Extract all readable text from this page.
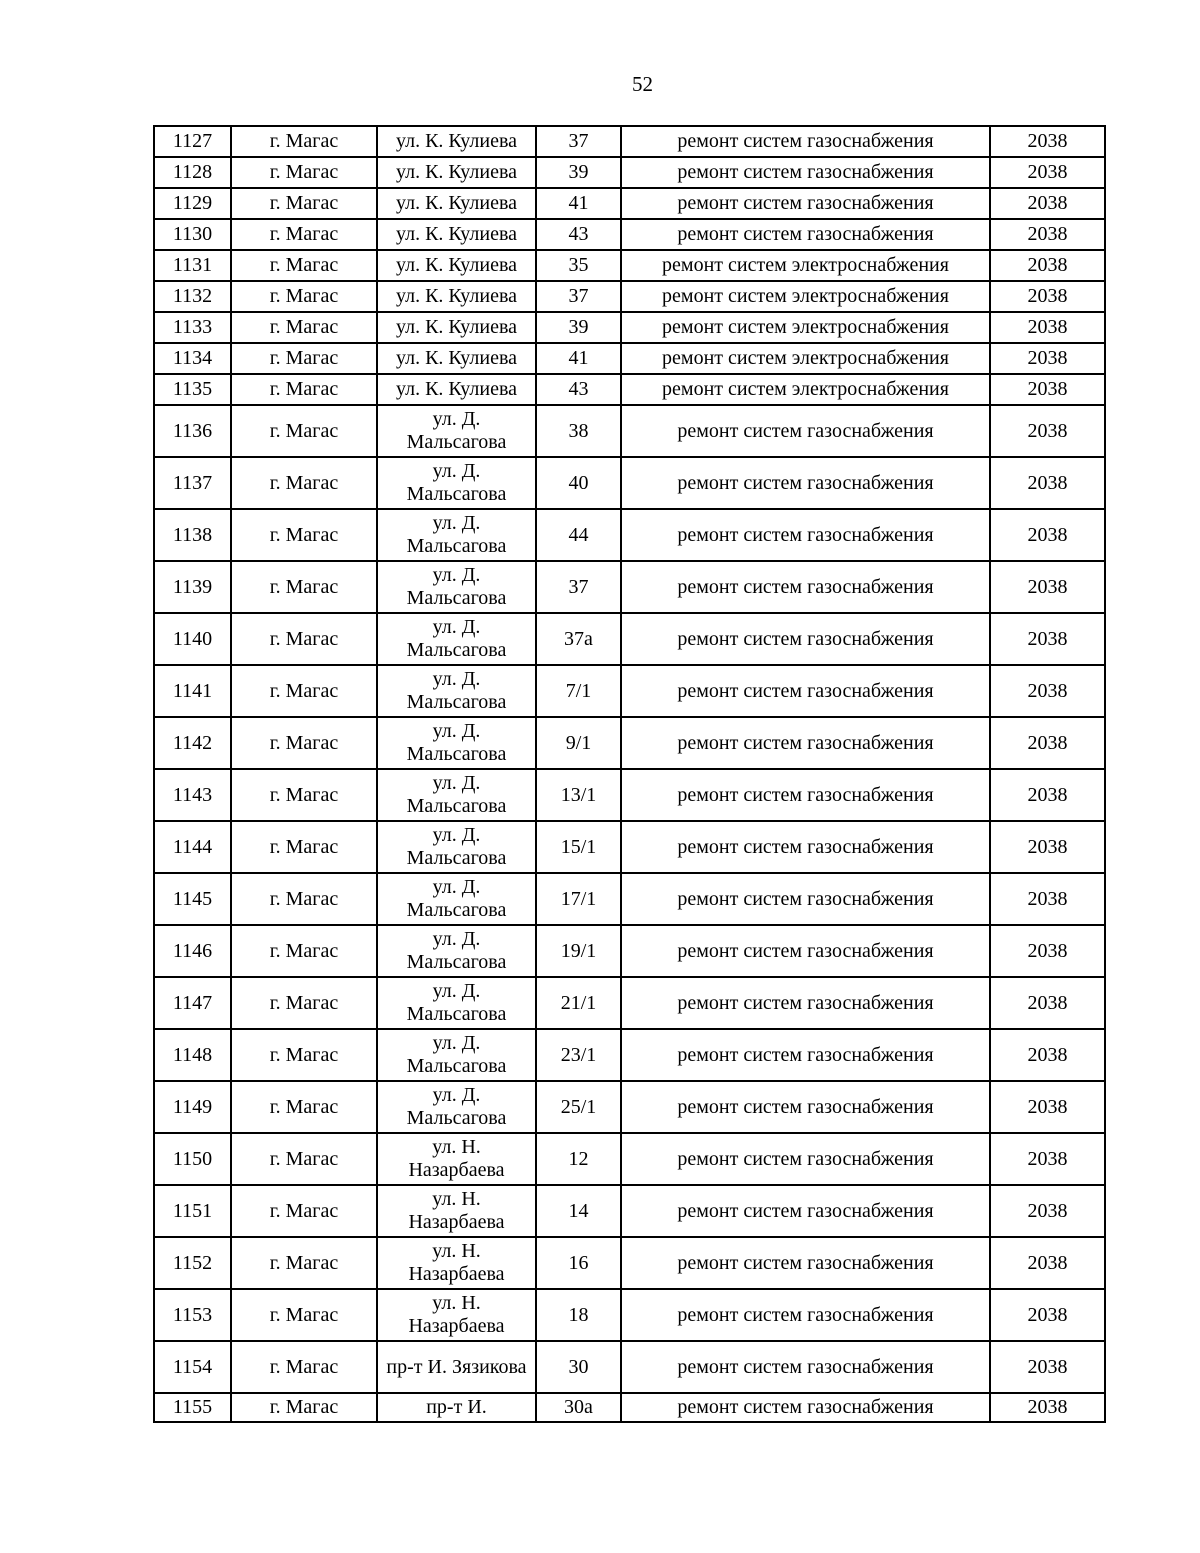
52
1127	г. Магас	ул. К. Кулиева	37	ремонт систем газоснабжения	2038
1128	г. Магас	ул. К. Кулиева	39	ремонт систем газоснабжения	2038
1129	г. Магас	ул. К. Кулиева	41	ремонт систем газоснабжения	2038
1130	г. Магас	ул. К. Кулиева	43	ремонт систем газоснабжения	2038
1131	г. Магас	ул. К. Кулиева	35	ремонт систем электроснабжения	2038
1132	г. Магас	ул. К. Кулиева	37	ремонт систем электроснабжения	2038
1133	г. Магас	ул. К. Кулиева	39	ремонт систем электроснабжения	2038
1134	г. Магас	ул. К. Кулиева	41	ремонт систем электроснабжения	2038
1135	г. Магас	ул. К. Кулиева	43	ремонт систем электроснабжения	2038
1136	г. Магас	ул. Д. Мальсагова	38	ремонт систем газоснабжения	2038
1137	г. Магас	ул. Д. Мальсагова	40	ремонт систем газоснабжения	2038
1138	г. Магас	ул. Д. Мальсагова	44	ремонт систем газоснабжения	2038
1139	г. Магас	ул. Д. Мальсагова	37	ремонт систем газоснабжения	2038
1140	г. Магас	ул. Д. Мальсагова	37а	ремонт систем газоснабжения	2038
1141	г. Магас	ул. Д. Мальсагова	7/1	ремонт систем газоснабжения	2038
1142	г. Магас	ул. Д. Мальсагова	9/1	ремонт систем газоснабжения	2038
1143	г. Магас	ул. Д. Мальсагова	13/1	ремонт систем газоснабжения	2038
1144	г. Магас	ул. Д. Мальсагова	15/1	ремонт систем газоснабжения	2038
1145	г. Магас	ул. Д. Мальсагова	17/1	ремонт систем газоснабжения	2038
1146	г. Магас	ул. Д. Мальсагова	19/1	ремонт систем газоснабжения	2038
1147	г. Магас	ул. Д. Мальсагова	21/1	ремонт систем газоснабжения	2038
1148	г. Магас	ул. Д. Мальсагова	23/1	ремонт систем газоснабжения	2038
1149	г. Магас	ул. Д. Мальсагова	25/1	ремонт систем газоснабжения	2038
1150	г. Магас	ул. Н. Назарбаева	12	ремонт систем газоснабжения	2038
1151	г. Магас	ул. Н. Назарбаева	14	ремонт систем газоснабжения	2038
1152	г. Магас	ул. Н. Назарбаева	16	ремонт систем газоснабжения	2038
1153	г. Магас	ул. Н. Назарбаева	18	ремонт систем газоснабжения	2038
1154	г. Магас	пр-т И. Зязикова	30	ремонт систем газоснабжения	2038
1155	г. Магас	пр-т И.	30а	ремонт систем газоснабжения	2038
